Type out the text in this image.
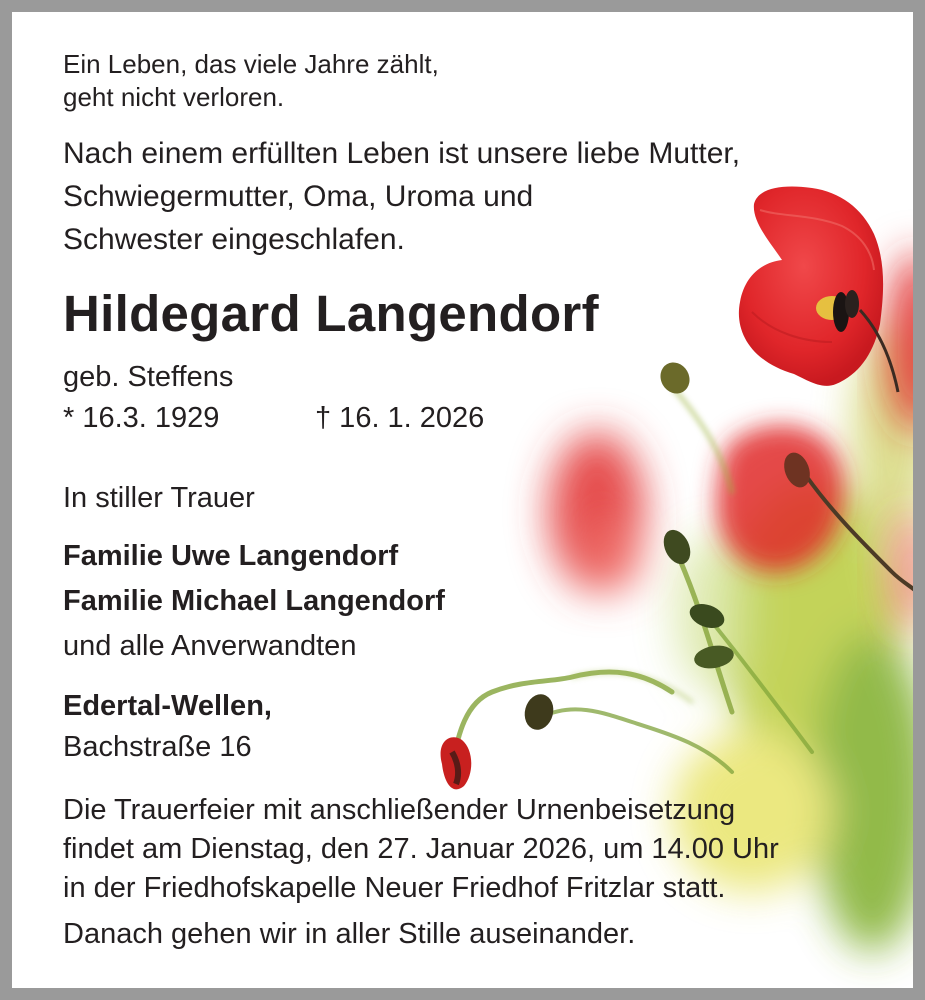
Ein Leben, das viele Jahre zählt,

geht nicht verloren.

Nach einem erfüllten Leben ist unsere liebe Mutter,

Schwiegermutter, Oma, Uroma und

Schwester eingeschlafen.

Hildegard Langendorf

geb. Steffens

* 16.3. 1929	† 16. 1. 2026

In stiller Trauer

Familie Uwe Langendorf

Familie Michael Langendorf

und alle Anverwandten

Edertal-Wellen,

Bachstraße 16

Die Trauerfeier mit anschließender Urnenbeisetzung

findet am Dienstag, den 27. Januar 2026, um 14.00 Uhr

in der Friedhofskapelle Neuer Friedhof Fritzlar statt.

Danach gehen wir in aller Stille auseinander.
